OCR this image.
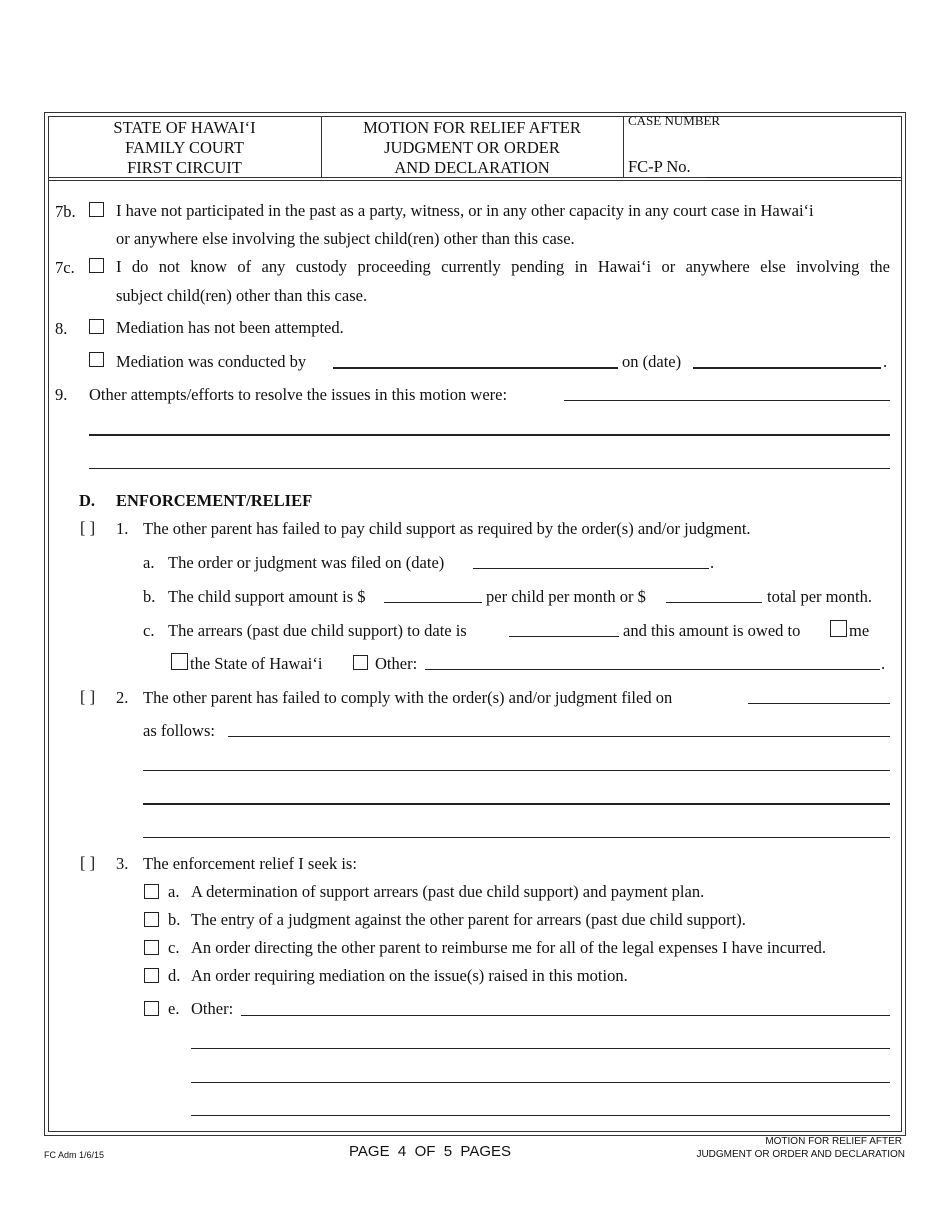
STATE OF HAWAI‘I
FAMILY COURT
FIRST CIRCUIT
MOTION FOR RELIEF AFTER
JUDGMENT OR ORDER
AND DECLARATION
CASE NUMBER
FC-P No.
7b. I have not participated in the past as a party, witness, or in any other capacity in any court case in Hawai‘i
or anywhere else involving the subject child(ren) other than this case.
7c.	I do not know of any custody proceeding currently pending in Hawai‘i or anywhere else involving the
subject child(ren) other than this case.
8.	Mediation has not been attempted.
Mediation was conducted by	on (date)	.
9. Other attempts/efforts to resolve the issues in this motion were:
D. ENFORCEMENT/RELIEF
[ ] 1. The other parent has failed to pay child support as required by the order(s) and/or judgment.
a. The order or judgment was filed on (date)	.
b. The child support amount is $	per child per month or $	total per month.
c. The arrears (past due child support) to date is	and this amount is owed to	me
the State of Hawai‘i	Other:	.
[ ] 2. The other parent has failed to comply with the order(s) and/or judgment filed on
as follows:
[ ] 3. The enforcement relief I seek is:
a. A determination of support arrears (past due child support) and payment plan.
b. The entry of a judgment against the other parent for arrears (past due child support).
c. An order directing the other parent to reimburse me for all of the legal expenses I have incurred.
d. An order requiring mediation on the issue(s) raised in this motion.
e. Other:
FC Adm 1/6/15	PAGE  4  OF  5  PAGES
MOTION FOR RELIEF AFTER
JUDGMENT OR ORDER AND DECLARATION
